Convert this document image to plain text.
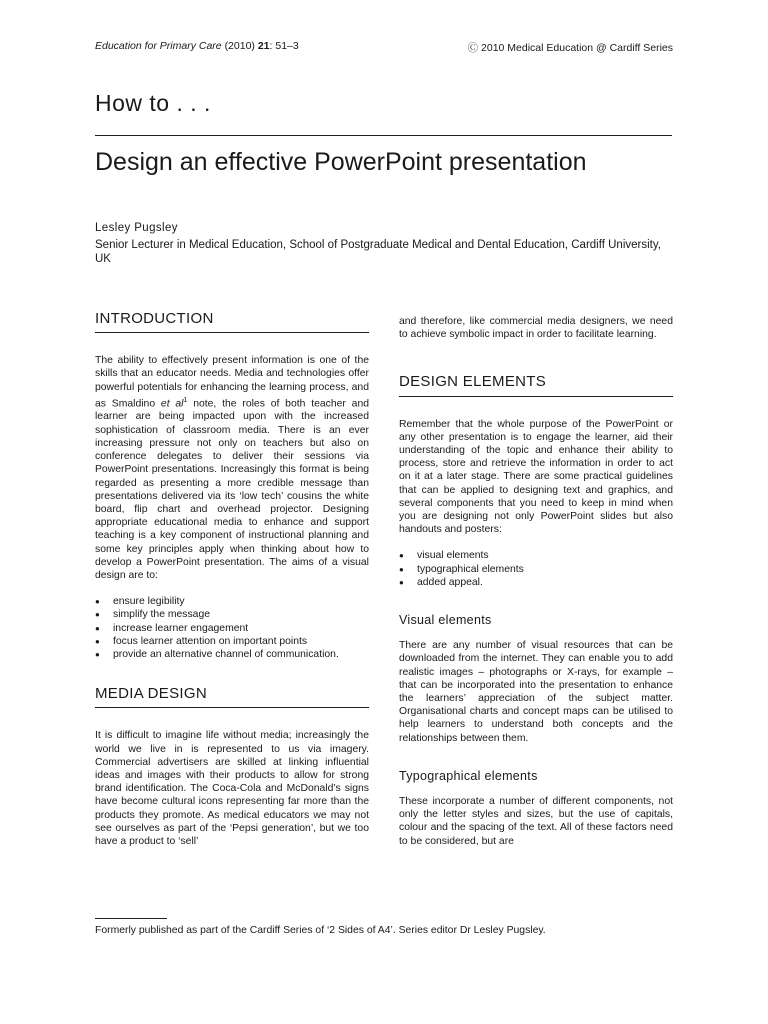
Education for Primary Care (2010) 21: 51–3	Ⓒ 2010 Medical Education @ Cardiff Series
How to . . .
Design an effective PowerPoint presentation
Lesley Pugsley
Senior Lecturer in Medical Education, School of Postgraduate Medical and Dental Education, Cardiff University, UK
INTRODUCTION

The ability to effectively present information is one of the skills that an educator needs. Media and technologies offer powerful potentials for enhancing the learning process, and as Smaldino et $al^1$ note, the roles of both teacher and learner are being impacted upon with the increased sophistication of classroom media. There is an ever increasing pressure not only on teachers but also on conference delegates to deliver their sessions via PowerPoint presentations. Increasingly this format is being regarded as presenting a more credible message than presentations delivered via its ‘low tech’ cousins the white board, flip chart and overhead projector. Designing appropriate educational media to enhance and support teaching is a key component of instructional planning and some key principles apply when thinking about how to develop a PowerPoint presentation. The aims of a visual design are to:

● ensure legibility
● simplify the message
● increase learner engagement
● focus learner attention on important points
● provide an alternative channel of communication.
MEDIA DESIGN

It is difficult to imagine life without media; increasingly the world we live in is represented to us via imagery. Commercial advertisers are skilled at linking influential ideas and images with their products to allow for strong brand identification. The Coca-Cola and McDonald’s signs have become cultural icons representing far more than the products they promote. As medical educators we may not see ourselves as part of the ‘Pepsi generation’, but we too have a product to ‘sell’

and therefore, like commercial media designers, we need to achieve symbolic impact in order to facilitate learning.

DESIGN ELEMENTS

Remember that the whole purpose of the PowerPoint or any other presentation is to engage the learner, aid their understanding of the topic and enhance their ability to process, store and retrieve the information in order to act on it at a later stage. There are some practical guidelines that can be applied to designing text and graphics, and several components that you need to keep in mind when you are designing not only PowerPoint slides but also handouts and posters:

● visual elements
● typographical elements
● added appeal.
Visual elements

There are any number of visual resources that can be downloaded from the internet. They can enable you to add realistic images – photographs or X-rays, for example – that can be incorporated into the presentation to enhance the learners’ appreciation of the subject matter. Organisational charts and concept maps can be utilised to help learners to understand both concepts and the relationships between them.

Typographical elements

These incorporate a number of different components, not only the letter styles and sizes, but the use of capitals, colour and the spacing of the text. All of these factors need to be considered, but are

Formerly published as part of the Cardiff Series of ‘2 Sides of A4’. Series editor Dr Lesley Pugsley.
